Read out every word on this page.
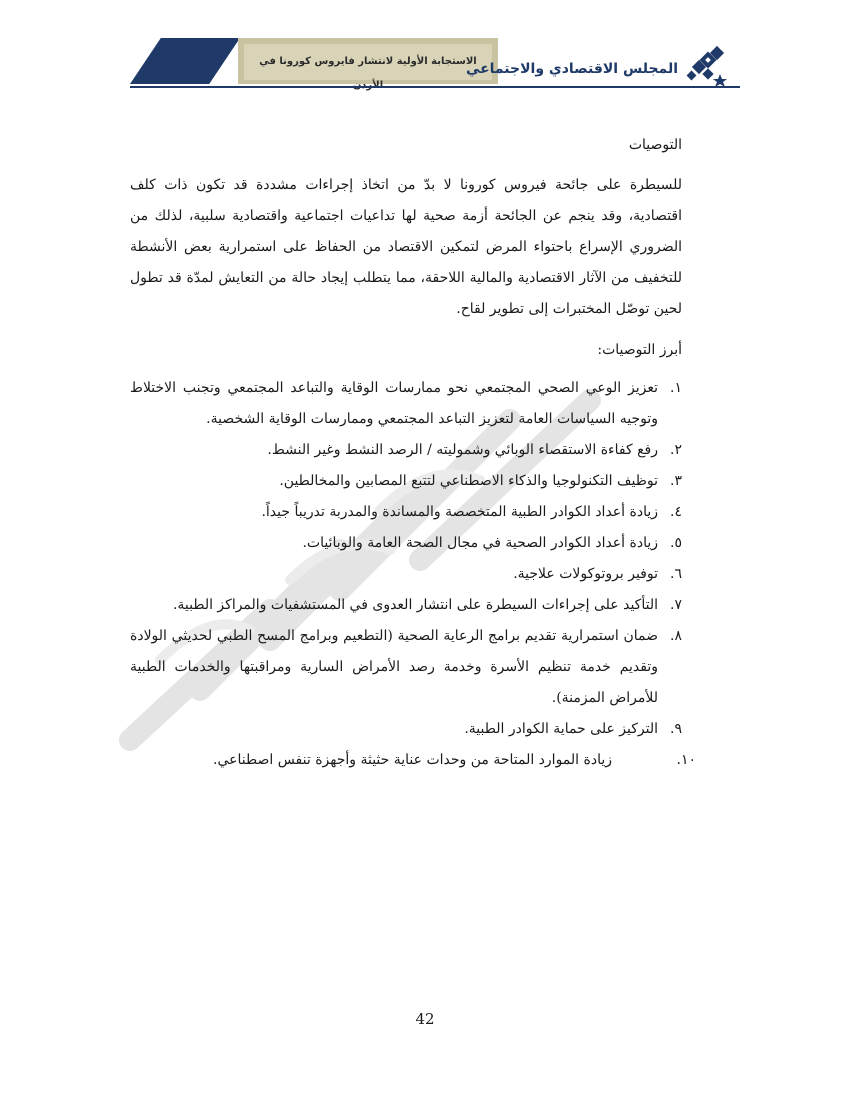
الاستجابة الأولية لانتشار فايروس كورونا في	المجلس الاقتصادي والاجتماعي
التوصيات
للسيطرة على جائحة فيروس كورونا لا بدّ من اتخاذ إجراءات مشددة قد تكون ذات كلف اقتصادية، وقد ينجم عن الجائحة أزمة صحية لها تداعيات اجتماعية واقتصادية سلبية، لذلك من الضروري الإسراع باحتواء المرض لتمكين الاقتصاد من الحفاظ على استمرارية بعض الأنشطة للتخفيف من الآثار الاقتصادية والمالية اللاحقة، مما يتطلب إيجاد حالة من التعايش لمدّة قد تطول لحين توصّل المختبرات إلى تطوير لقاح.
أبرز التوصيات:
١.
تعزيز الوعي الصحي المجتمعي نحو ممارسات الوقاية والتباعد المجتمعي وتجنب الاختلاط وتوجيه السياسات العامة لتعزيز التباعد المجتمعي وممارسات الوقاية الشخصية.
٢.
رفع كفاءة الاستقصاء الوبائي وشموليته / الرصد النشط وغير النشط.
٣.
توظيف التكنولوجيا والذكاء الاصطناعي لتتبع المصابين والمخالطين.
٤.
زيادة أعداد الكوادر الطبية المتخصصة والمساندة والمدربة تدريباً جيداً.
٥.
زيادة أعداد الكوادر الصحية في مجال الصحة العامة والوبائيات.
٦.
توفير بروتوكولات علاجية.
٧.
التأكيد على إجراءات السيطرة على انتشار العدوى في المستشفيات والمراكز الطبية.
٨.
ضمان استمرارية تقديم برامج الرعاية الصحية (التطعيم وبرامج المسح الطبي لحديثي الولادة وتقديم خدمة تنظيم الأسرة وخدمة رصد الأمراض السارية ومراقبتها والخدمات الطبية للأمراض المزمنة).
٩.
التركيز على حماية الكوادر الطبية.
١٠.
زيادة الموارد المتاحة من وحدات عناية حثيثة وأجهزة تنفس اصطناعي.
42
